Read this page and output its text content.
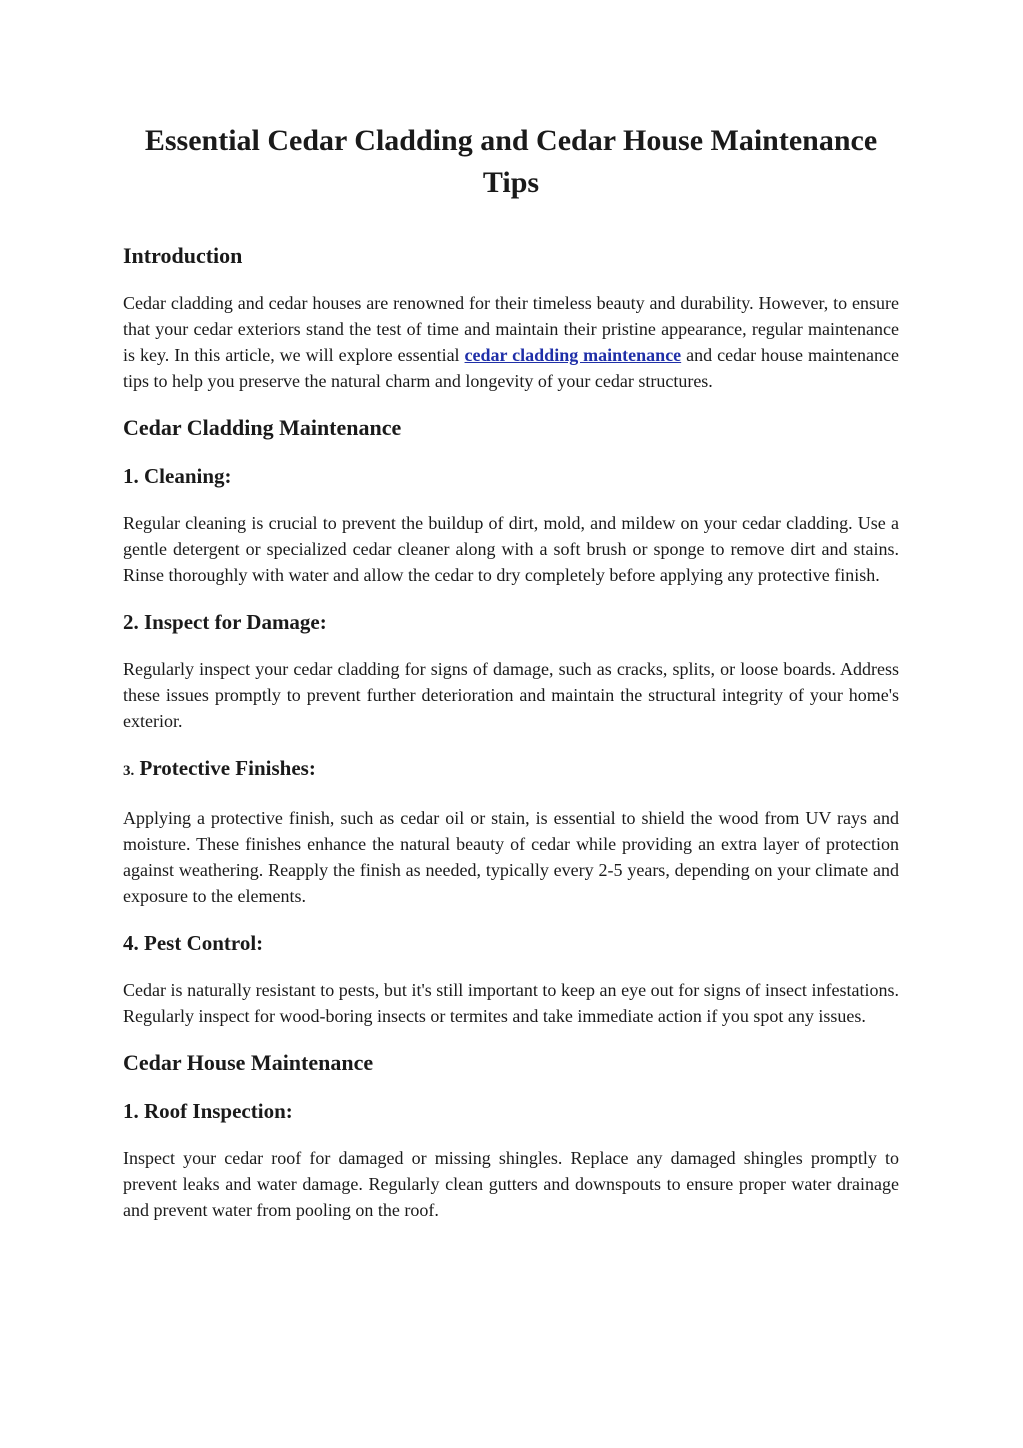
Essential Cedar Cladding and Cedar House Maintenance Tips
Introduction

Cedar cladding and cedar houses are renowned for their timeless beauty and durability. However, to ensure that your cedar exteriors stand the test of time and maintain their pristine appearance, regular maintenance is key. In this article, we will explore essential cedar cladding maintenance and cedar house maintenance tips to help you preserve the natural charm and longevity of your cedar structures.

Cedar Cladding Maintenance
1. Cleaning:

Regular cleaning is crucial to prevent the buildup of dirt, mold, and mildew on your cedar cladding. Use a gentle detergent or specialized cedar cleaner along with a soft brush or sponge to remove dirt and stains. Rinse thoroughly with water and allow the cedar to dry completely before applying any protective finish.

2. Inspect for Damage:

Regularly inspect your cedar cladding for signs of damage, such as cracks, splits, or loose boards. Address these issues promptly to prevent further deterioration and maintain the structural integrity of your home's exterior.

3. Protective Finishes:

Applying a protective finish, such as cedar oil or stain, is essential to shield the wood from UV rays and moisture. These finishes enhance the natural beauty of cedar while providing an extra layer of protection against weathering. Reapply the finish as needed, typically every 2-5 years, depending on your climate and exposure to the elements.

4. Pest Control:

Cedar is naturally resistant to pests, but it's still important to keep an eye out for signs of insect infestations. Regularly inspect for wood-boring insects or termites and take immediate action if you spot any issues.

Cedar House Maintenance
1. Roof Inspection:

Inspect your cedar roof for damaged or missing shingles. Replace any damaged shingles promptly to prevent leaks and water damage. Regularly clean gutters and downspouts to ensure proper water drainage and prevent water from pooling on the roof.
